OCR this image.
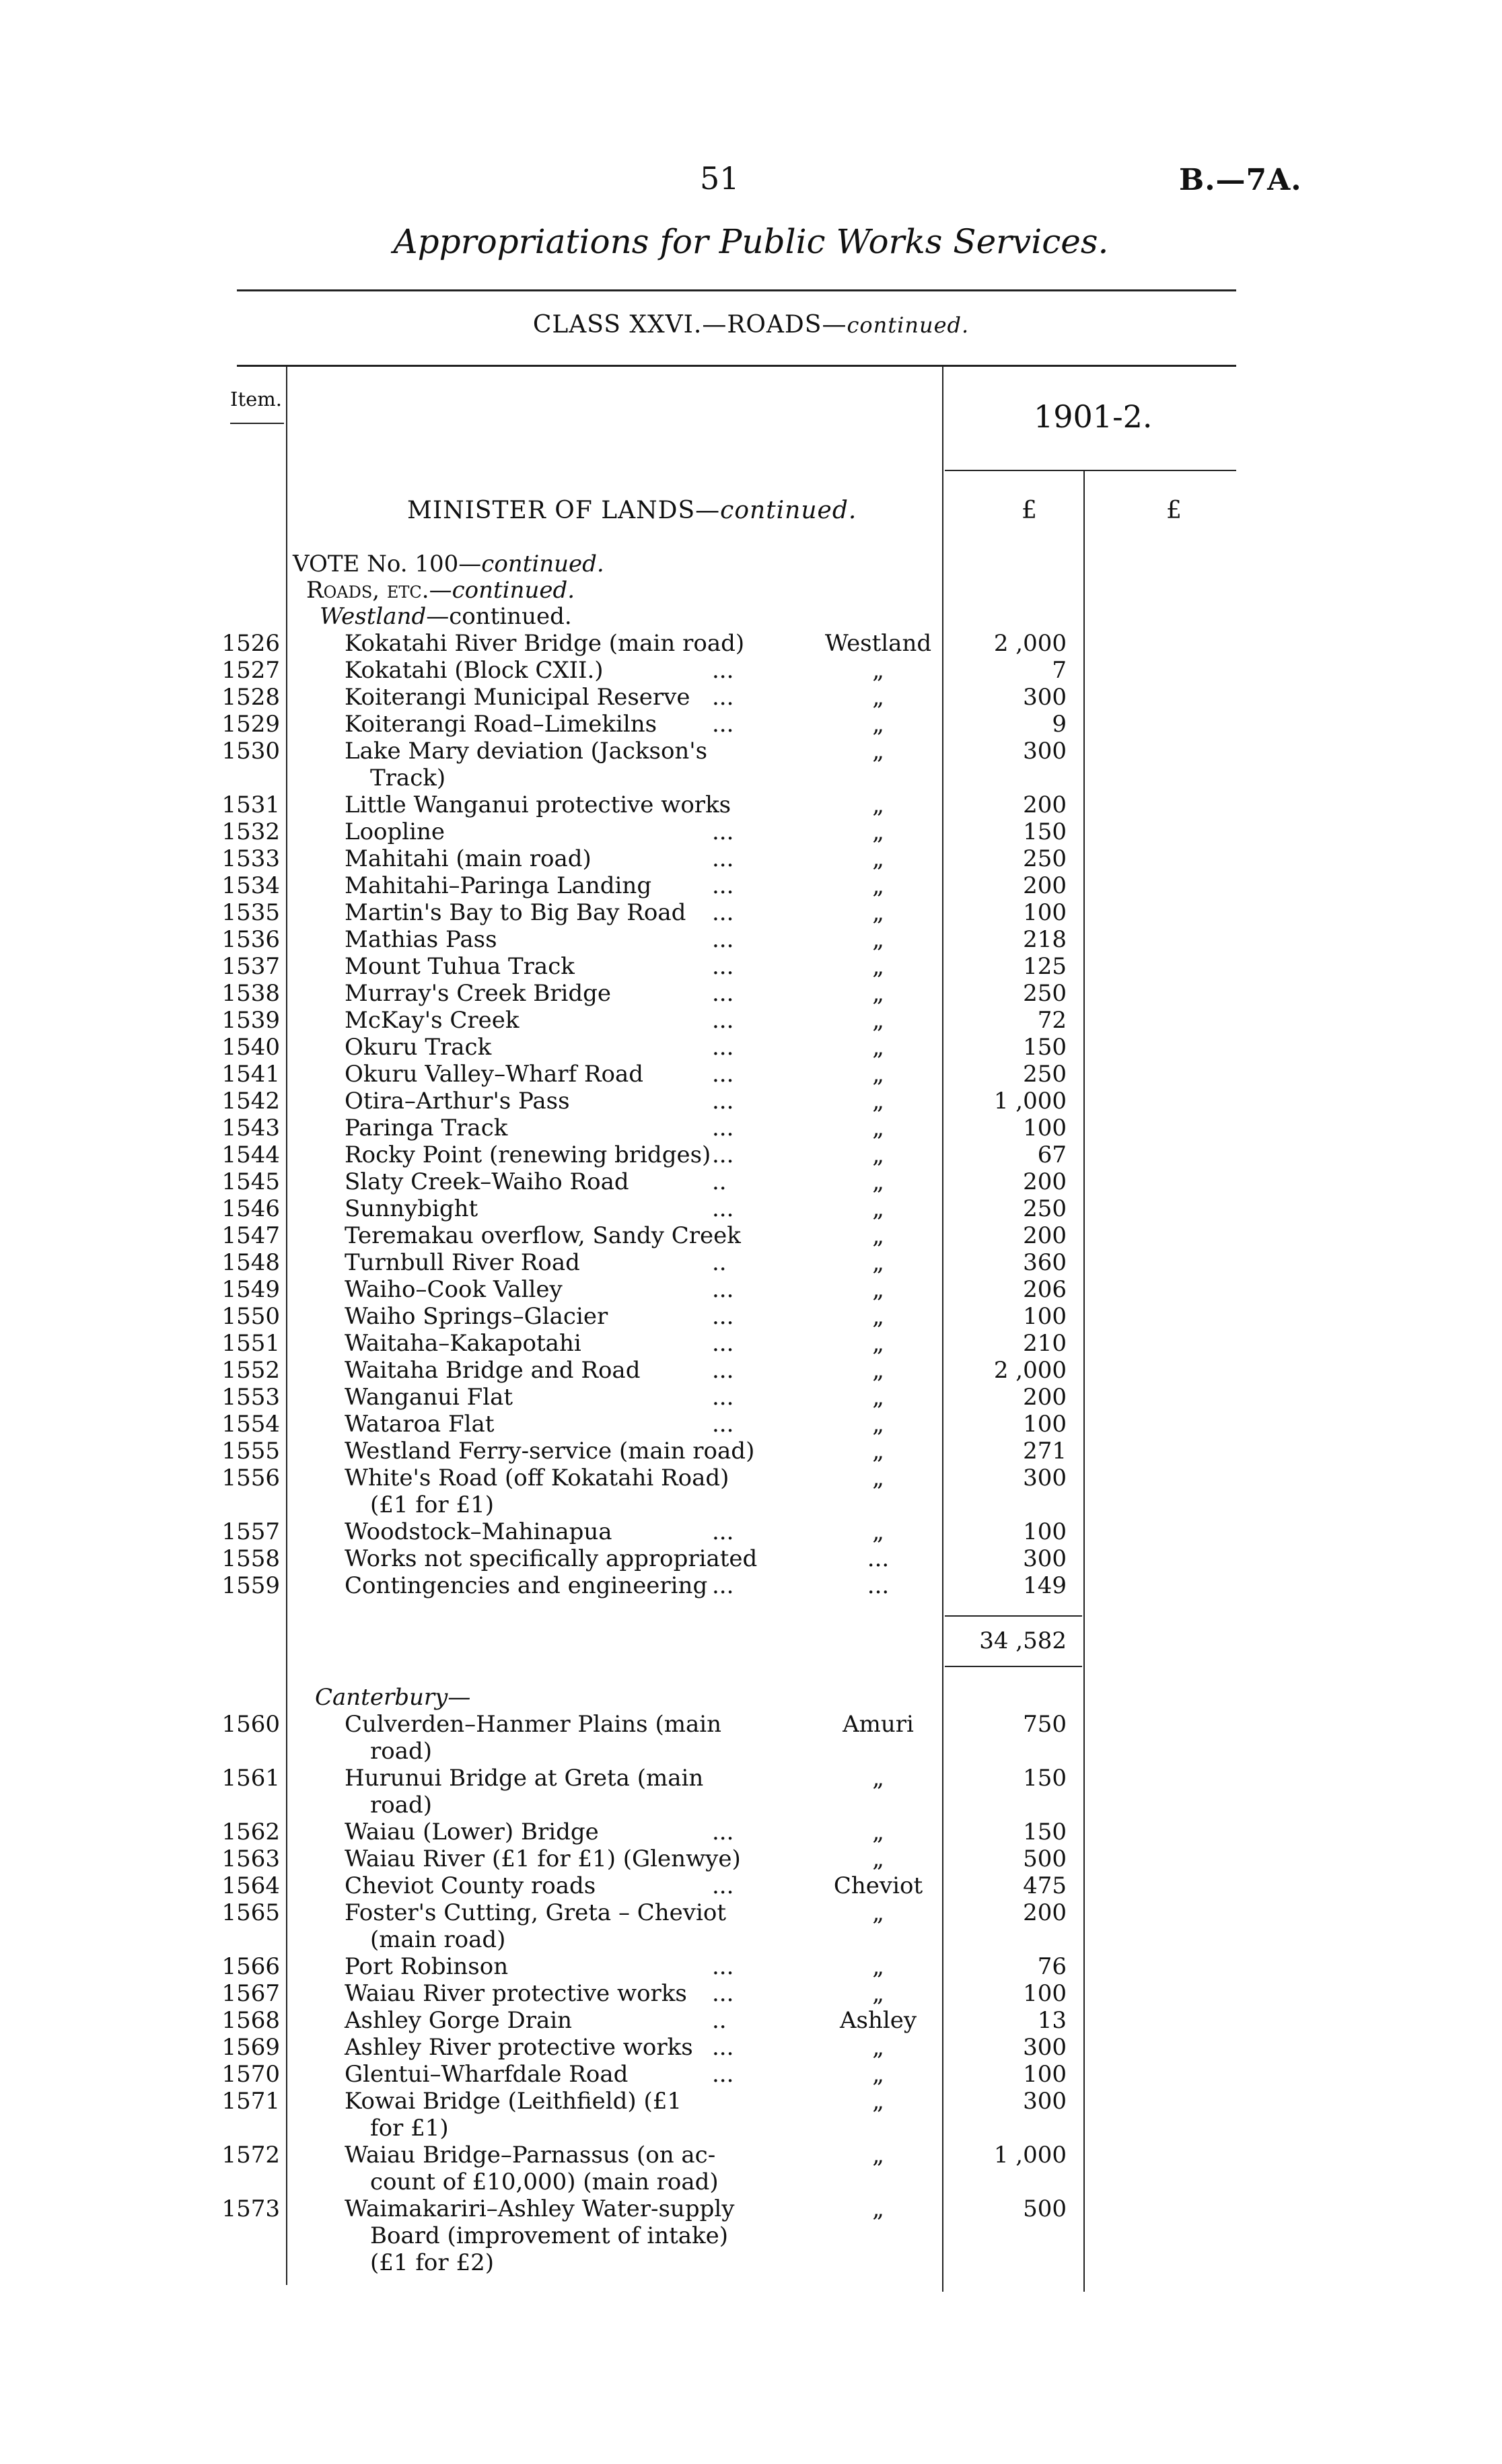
51	B.—7A.
Appropriations for Public Works Services.
CLASS XXVI.—ROADS—continued.
Item.	1901-2.
MINISTER OF LANDS—continued.	£	£
VOTE No. 100—continued.
Roads, etc.—continued.
Westland—continued.
1526	Kokatahi River Bridge (main road)	Westland	2 ,000
1527	Kokatahi (Block CXII.)	...	„	7
1528	Koiterangi Municipal Reserve ...	„	300
1529	Koiterangi Road–Limekilns	...	„	9
1530	Lake Mary deviation (Jackson's
Track)
„	300
1531	Little Wanganui protective works	„	200
1532	Loopline	...	„	150
1533	Mahitahi (main road)	...	„	250
1534	Mahitahi–Paringa Landing	...	„	200
1535	Martin's Bay to Big Bay Road	...	„	100
1536	Mathias Pass	...	„	218
1537	Mount Tuhua Track	...	„	125
1538	Murray's Creek Bridge	...	„	250
1539	McKay's Creek	...	„	72
1540	Okuru Track	...	„	150
1541	Okuru Valley–Wharf Road	...	„	250
1542	Otira–Arthur's Pass	...	„	1 ,000
1543	Paringa Track	...	„	100
1544	Rocky Point (renewing bridges) ...	„	67
1545	Slaty Creek–Waiho Road	..	„	200
1546	Sunnybight	...	„	250
1547	Teremakau overflow, Sandy Creek	„	200
1548	Turnbull River Road	..	„	360
1549	Waiho–Cook Valley	...	„	206
1550	Waiho Springs–Glacier	...	„	100
1551	Waitaha–Kakapotahi	...	„	210
1552	Waitaha Bridge and Road	...	„	2 ,000
1553	Wanganui Flat	...	„	200
1554	Wataroa Flat	...	„	100
1555	Westland Ferry-service (main road)	„	271
1556	White's Road (off Kokatahi Road)
(£1 for £1)
„	300
1557	Woodstock–Mahinapua	...	„	100
1558	Works not specifically appropriated	...	300
1559	Contingencies and engineering ...	...	149
34 ,582
Canterbury—
1560	Culverden–Hanmer Plains (main
road)
Amuri	750
1561	Hurunui Bridge at Greta (main
road)
„	150
1562	Waiau (Lower) Bridge	...	„	150
1563	Waiau River (£1 for £1) (Glenwye)	„	500
1564	Cheviot County roads	...	Cheviot	475
1565	Foster's Cutting, Greta – Cheviot
(main road)
„	200
1566	Port Robinson	...	„	76
1567	Waiau River protective works	...	„	100
1568	Ashley Gorge Drain	..	Ashley	13
1569	Ashley River protective works ...	„	300
1570	Glentui–Wharfdale Road	...	„	100
1571	Kowai Bridge (Leithfield) (£1
for £1)
„	300
1572	Waiau Bridge–Parnassus (on ac-
count of £10,000) (main road)
„	1 ,000
1573	Waimakariri–Ashley Water-supply
Board (improvement of intake)
(£1 for £2)
„	500
